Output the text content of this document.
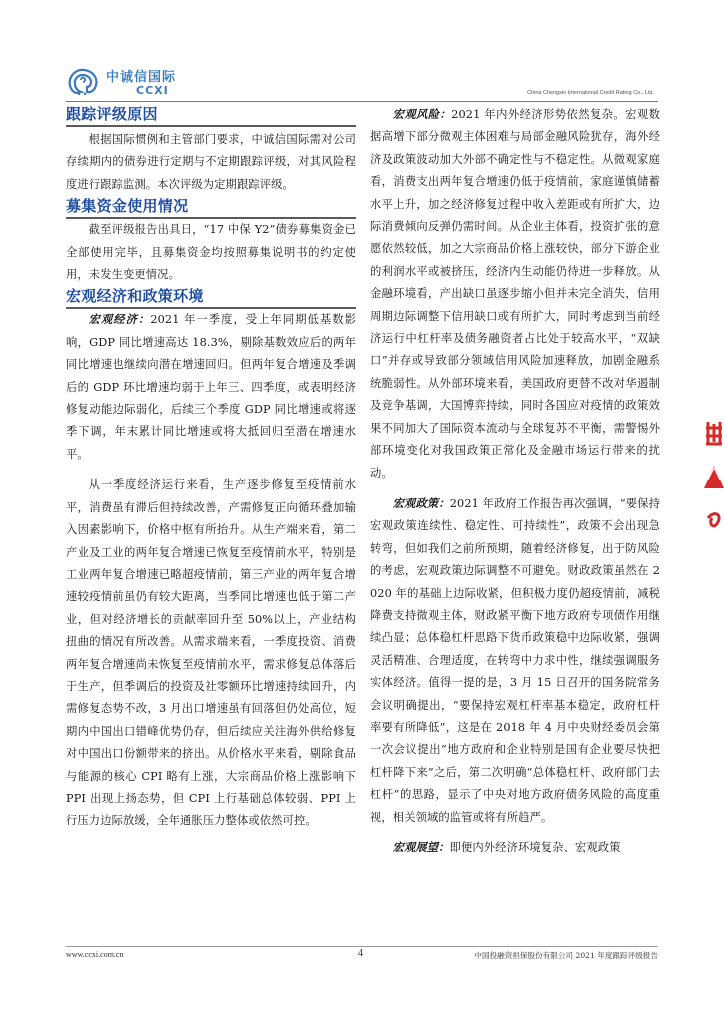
中诚信国际
CCXI	China Chengxin International Credit Rating Co., Ltd.
跟踪评级原因

根据国际惯例和主管部门要求，中诚信国际需对公司存续期内的债券进行定期与不定期跟踪评级，对其风险程度进行跟踪监测。本次评级为定期跟踪评级。

募集资金使用情况

截至评级报告出具日，“17 中保 Y2”债券募集资金已全部使用完毕，且募集资金均按照募集说明书的约定使用，未发生变更情况。

宏观经济和政策环境

宏观经济：2021 年一季度，受上年同期低基数影响，GDP 同比增速高达 18.3%，剔除基数效应后的两年同比增速也继续向潜在增速回归。但两年复合增速及季调后的 GDP 环比增速均弱于上年三、四季度，或表明经济修复动能边际弱化，后续三个季度 GDP 同比增速或将逐季下调，年末累计同比增速或将大抵回归至潜在增速水平。

从一季度经济运行来看，生产逐步修复至疫情前水平，消费虽有滞后但持续改善，产需修复正向循环叠加输入因素影响下，价格中枢有所抬升。从生产端来看，第二产业及工业的两年复合增速已恢复至疫情前水平，特别是工业两年复合增速已略超疫情前，第三产业的两年复合增速较疫情前虽仍有较大距离，当季同比增速也低于第二产业，但对经济增长的贡献率回升至 50%以上，产业结构扭曲的情况有所改善。从需求端来看，一季度投资、消费两年复合增速尚未恢复至疫情前水平，需求修复总体落后于生产，但季调后的投资及社零额环比增速持续回升，内需修复态势不改，3 月出口增速虽有回落但仍处高位，短期内中国出口错峰优势仍存，但后续应关注海外供给修复对中国出口份额带来的挤出。从价格水平来看，剔除食品与能源的核心 CPI 略有上涨，大宗商品价格上涨影响下 PPI 出现上扬态势，但 CPI 上行基础总体较弱、PPI 上行压力边际放缓，全年通胀压力整体或依然可控。

宏观风险：2021 年内外经济形势依然复杂。宏观数据高增下部分微观主体困难与局部金融风险犹存，海外经济及政策波动加大外部不确定性与不稳定性。从微观家庭看，消费支出两年复合增速仍低于疫情前，家庭谨慎储蓄水平上升，加之经济修复过程中收入差距或有所扩大，边际消费倾向反弹仍需时间。从企业主体看，投资扩张的意愿依然较低，加之大宗商品价格上涨较快，部分下游企业的利润水平或被挤压，经济内生动能仍待进一步释放。从金融环境看，产出缺口虽逐步缩小但并未完全消失，信用周期边际调整下信用缺口或有所扩大，同时考虑到当前经济运行中杠杆率及债务融资者占比处于较高水平，“双缺口”并存或导致部分领域信用风险加速释放，加剧金融系统脆弱性。从外部环境来看，美国政府更替不改对华遏制及竞争基调，大国博弈持续，同时各国应对疫情的政策效果不同加大了国际资本流动与全球复苏不平衡，需警惕外部环境变化对我国政策正常化及金融市场运行带来的扰动。

宏观政策：2021 年政府工作报告再次强调，“要保持宏观政策连续性、稳定性、可持续性”，政策不会出现急转弯，但如我们之前所预期，随着经济修复，出于防风险的考虑，宏观政策边际调整不可避免。财政政策虽然在 2020 年的基础上边际收紧，但积极力度仍超疫情前，减税降费支持微观主体，财政紧平衡下地方政府专项债作用继续凸显；总体稳杠杆思路下货币政策稳中边际收紧，强调灵活精准、合理适度，在转弯中力求中性，继续强调服务实体经济。值得一提的是，3 月 15 日召开的国务院常务会议明确提出，“要保持宏观杠杆率基本稳定，政府杠杆率要有所降低”，这是在 2018 年 4 月中央财经委员会第一次会议提出“地方政府和企业特别是国有企业要尽快把杠杆降下来”之后，第二次明确“总体稳杠杆、政府部门去杠杆”的思路，显示了中央对地方政府债务风险的高度重视，相关领域的监管或将有所趋严。

宏观展望：即便内外经济环境复杂、宏观政策

www.ccxi.com.cn	4	中国投融资担保股份有限公司 2021 年度跟踪评级报告
